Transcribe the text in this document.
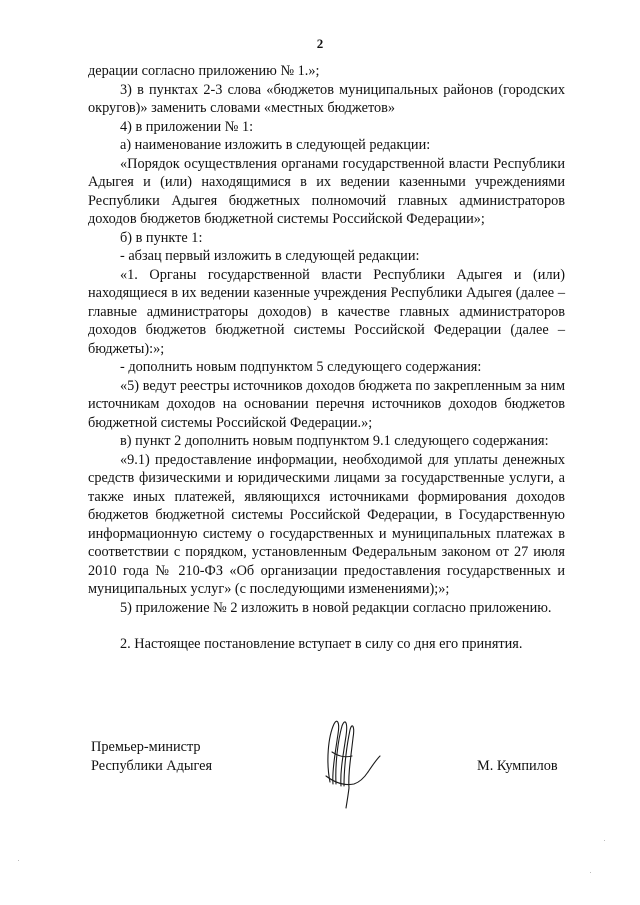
2

дерации согласно приложению № 1.»;

3) в пунктах 2-3 слова «бюджетов муниципальных районов (городских округов)» заменить словами «местных бюджетов»

4) в приложении № 1:

а) наименование изложить в следующей редакции:

«Порядок осуществления органами государственной власти Республики Адыгея и (или) находящимися в их ведении казенными учреждениями Республики Адыгея бюджетных полномочий главных администраторов доходов бюджетов бюджетной системы Российской Федерации»;

б) в пункте 1:

- абзац первый изложить в следующей редакции:

«1. Органы государственной власти Республики Адыгея и (или) находящиеся в их ведении казенные учреждения Республики Адыгея (далее – главные администраторы доходов) в качестве главных администраторов доходов бюджетов бюджетной системы Российской Федерации (далее – бюджеты):»;

- дополнить новым подпунктом 5 следующего содержания:

«5) ведут реестры источников доходов бюджета по закрепленным за ним источникам доходов на основании перечня источников доходов бюджетов бюджетной системы Российской Федерации.»;

в) пункт 2 дополнить новым подпунктом 9.1 следующего содержания:

«9.1) предоставление информации, необходимой для уплаты денежных средств физическими и юридическими лицами за государственные услуги, а также иных платежей, являющихся источниками формирования доходов бюджетов бюджетной системы Российской Федерации, в Государственную информационную систему о государственных и муниципальных платежах в соответствии с порядком, установленным Федеральным законом от 27 июля 2010 года № 210-ФЗ «Об организации предоставления государственных и муниципальных услуг» (с последующими изменениями);»;

5) приложение № 2 изложить в новой редакции согласно приложению.

2. Настоящее постановление вступает в силу со дня его принятия.

Премьер-министр
Республики Адыгея	М. Кумпилов
